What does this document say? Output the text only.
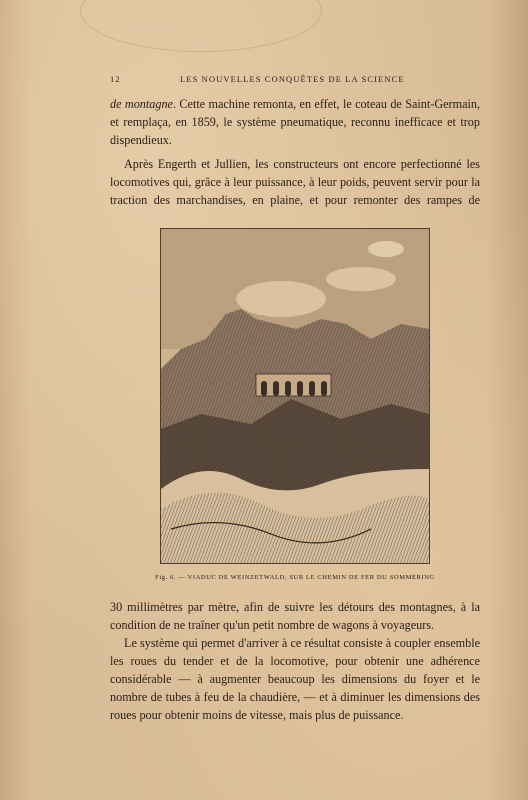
12	LES NOUVELLES CONQUÊTES DE LA SCIENCE

de montagne. Cette machine remonta, en effet, le coteau de Saint-Germain, et remplaça, en 1859, le système pneumatique, reconnu inefficace et trop dispendieux.

Après Engerth et Jullien, les constructeurs ont encore perfectionné les locomotives qui, grâce à leur puissance, à leur poids, peuvent servir pour la traction des marchandises, en plaine, et pour remonter des rampes de

Fig. 6. — VIADUC DE WEINZETWALD, SUR LE CHEMIN DE FER DU SOMMERING

30 millimètres par mètre, afin de suivre les détours des montagnes, à la condition de ne traîner qu'un petit nombre de wagons à voyageurs.

Le système qui permet d'arriver à ce résultat consiste à coupler ensemble les roues du tender et de la locomotive, pour obtenir une adhérence considérable — à augmenter beaucoup les dimensions du foyer et le nombre de tubes à feu de la chaudière, — et à diminuer les dimensions des roues pour obtenir moins de vitesse, mais plus de puissance.
